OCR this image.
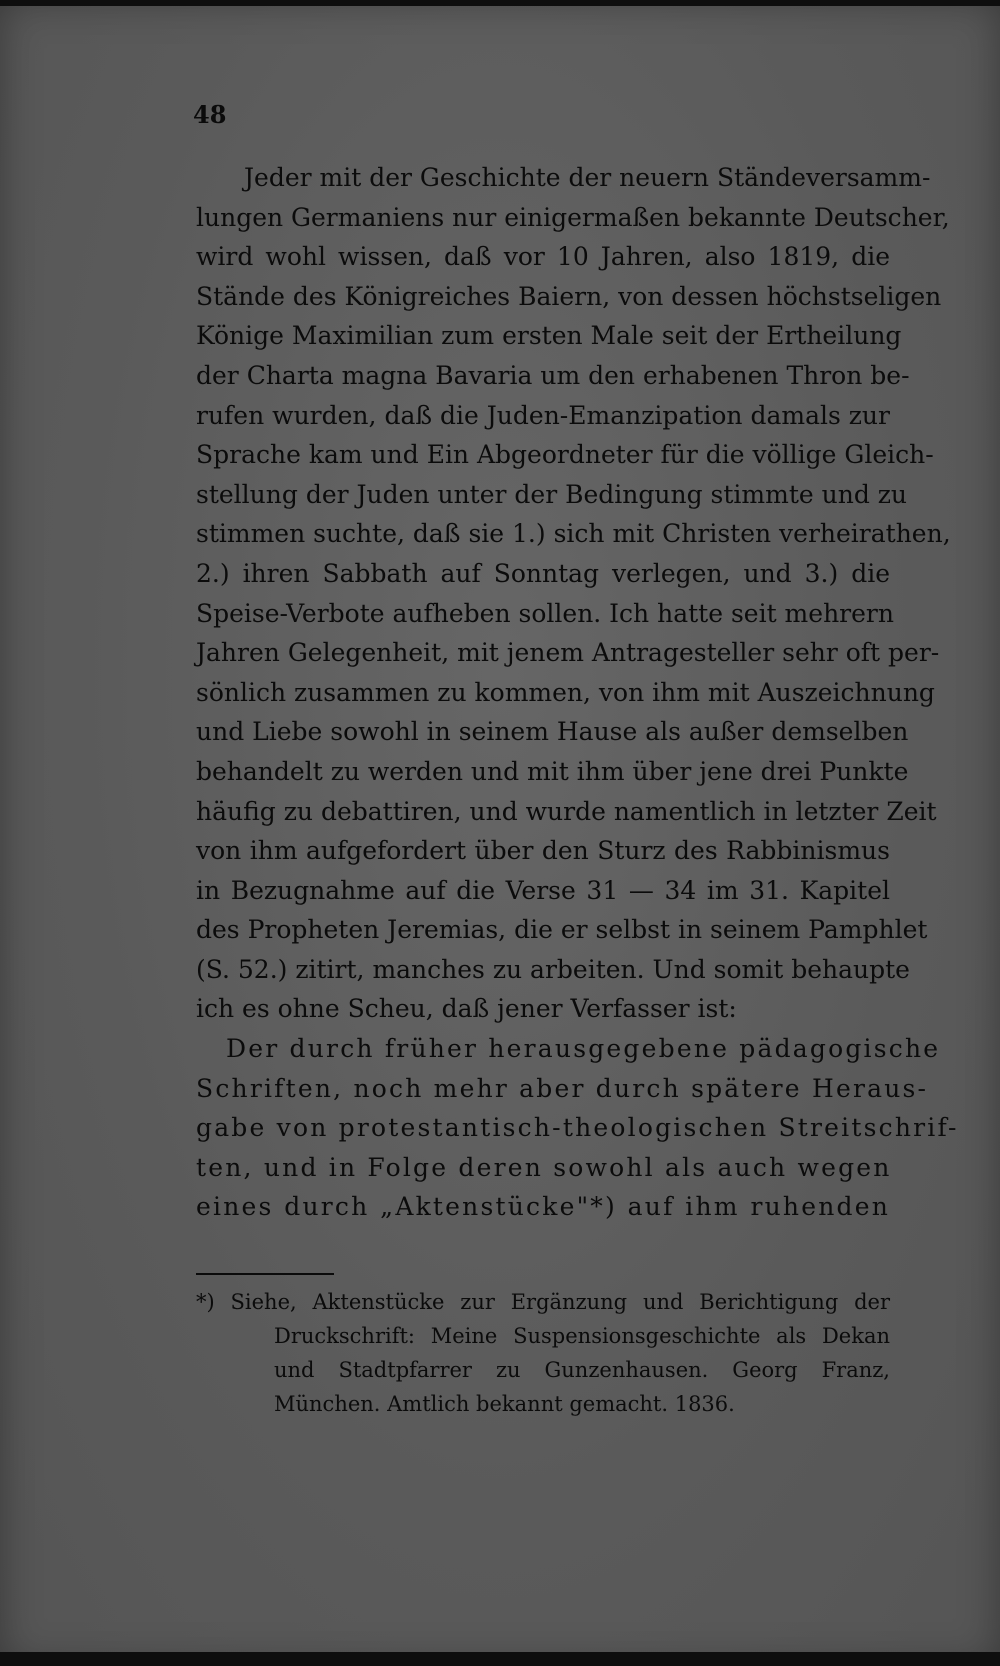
48
Jeder mit der Geschichte der neuern Ständeversamm-
lungen Germaniens nur einigermaßen bekannte Deutscher,
wird wohl wissen, daß vor 10 Jahren, also 1819, die
Stände des Königreiches Baiern, von dessen höchstseligen
Könige Maximilian zum ersten Male seit der Ertheilung
der Charta magna Bavaria um den erhabenen Thron be-
rufen wurden, daß die Juden-Emanzipation damals zur
Sprache kam und Ein Abgeordneter für die völlige Gleich-
stellung der Juden unter der Bedingung stimmte und zu
stimmen suchte, daß sie 1.) sich mit Christen verheirathen,
2.) ihren Sabbath auf Sonntag verlegen, und 3.) die
Speise-Verbote aufheben sollen. Ich hatte seit mehrern
Jahren Gelegenheit, mit jenem Antragesteller sehr oft per-
sönlich zusammen zu kommen, von ihm mit Auszeichnung
und Liebe sowohl in seinem Hause als außer demselben
behandelt zu werden und mit ihm über jene drei Punkte
häufig zu debattiren, und wurde namentlich in letzter Zeit
von ihm aufgefordert über den Sturz des Rabbinismus
in Bezugnahme auf die Verse 31 — 34 im 31. Kapitel
des Propheten Jeremias, die er selbst in seinem Pamphlet
(S. 52.) zitirt, manches zu arbeiten. Und somit behaupte
ich es ohne Scheu, daß jener Verfasser ist:
Der durch früher herausgegebene pädagogische
Schriften, noch mehr aber durch spätere Heraus-
gabe von protestantisch-theologischen Streitschrif-
ten, und in Folge deren sowohl als auch wegen
eines durch „Aktenstücke"*) auf ihm ruhenden
*) Siehe, Aktenstücke zur Ergänzung und Berichtigung der
Druckschrift: Meine Suspensionsgeschichte als Dekan
und Stadtpfarrer zu Gunzenhausen. Georg Franz,
München. Amtlich bekannt gemacht. 1836.
